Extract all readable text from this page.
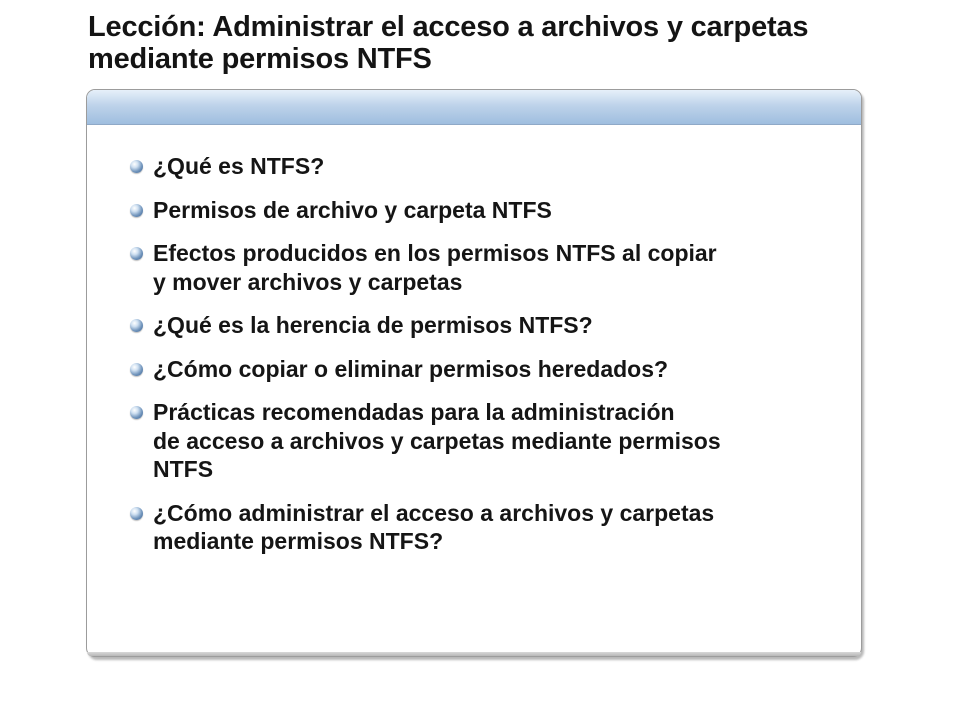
Lección: Administrar el acceso a archivos y carpetas
mediante permisos NTFS
¿Qué es NTFS?
Permisos de archivo y carpeta NTFS
Efectos producidos en los permisos NTFS al copiar
y mover archivos y carpetas
¿Qué es la herencia de permisos NTFS?
¿Cómo copiar o eliminar permisos heredados?
Prácticas recomendadas para la administración
de acceso a archivos y carpetas mediante permisos
NTFS
¿Cómo administrar el acceso a archivos y carpetas
mediante permisos NTFS?
